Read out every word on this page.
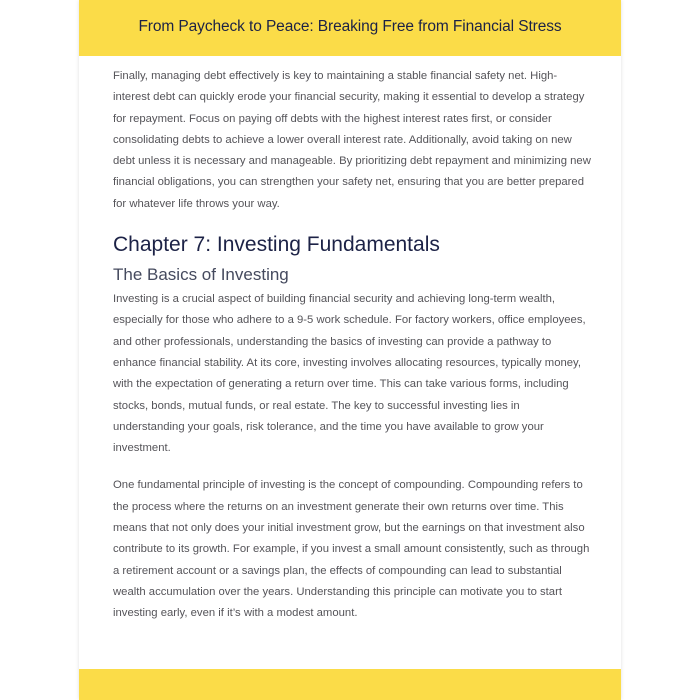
From Paycheck to Peace: Breaking Free from Financial Stress

Finally, managing debt effectively is key to maintaining a stable financial safety net. High-interest debt can quickly erode your financial security, making it essential to develop a strategy for repayment. Focus on paying off debts with the highest interest rates first, or consider consolidating debts to achieve a lower overall interest rate. Additionally, avoid taking on new debt unless it is necessary and manageable. By prioritizing debt repayment and minimizing new financial obligations, you can strengthen your safety net, ensuring that you are better prepared for whatever life throws your way.

Chapter 7: Investing Fundamentals
The Basics of Investing

Investing is a crucial aspect of building financial security and achieving long-term wealth, especially for those who adhere to a 9-5 work schedule. For factory workers, office employees, and other professionals, understanding the basics of investing can provide a pathway to enhance financial stability. At its core, investing involves allocating resources, typically money, with the expectation of generating a return over time. This can take various forms, including stocks, bonds, mutual funds, or real estate. The key to successful investing lies in understanding your goals, risk tolerance, and the time you have available to grow your investment.

One fundamental principle of investing is the concept of compounding. Compounding refers to the process where the returns on an investment generate their own returns over time. This means that not only does your initial investment grow, but the earnings on that investment also contribute to its growth. For example, if you invest a small amount consistently, such as through a retirement account or a savings plan, the effects of compounding can lead to substantial wealth accumulation over the years. Understanding this principle can motivate you to start investing early, even if it’s with a modest amount.
